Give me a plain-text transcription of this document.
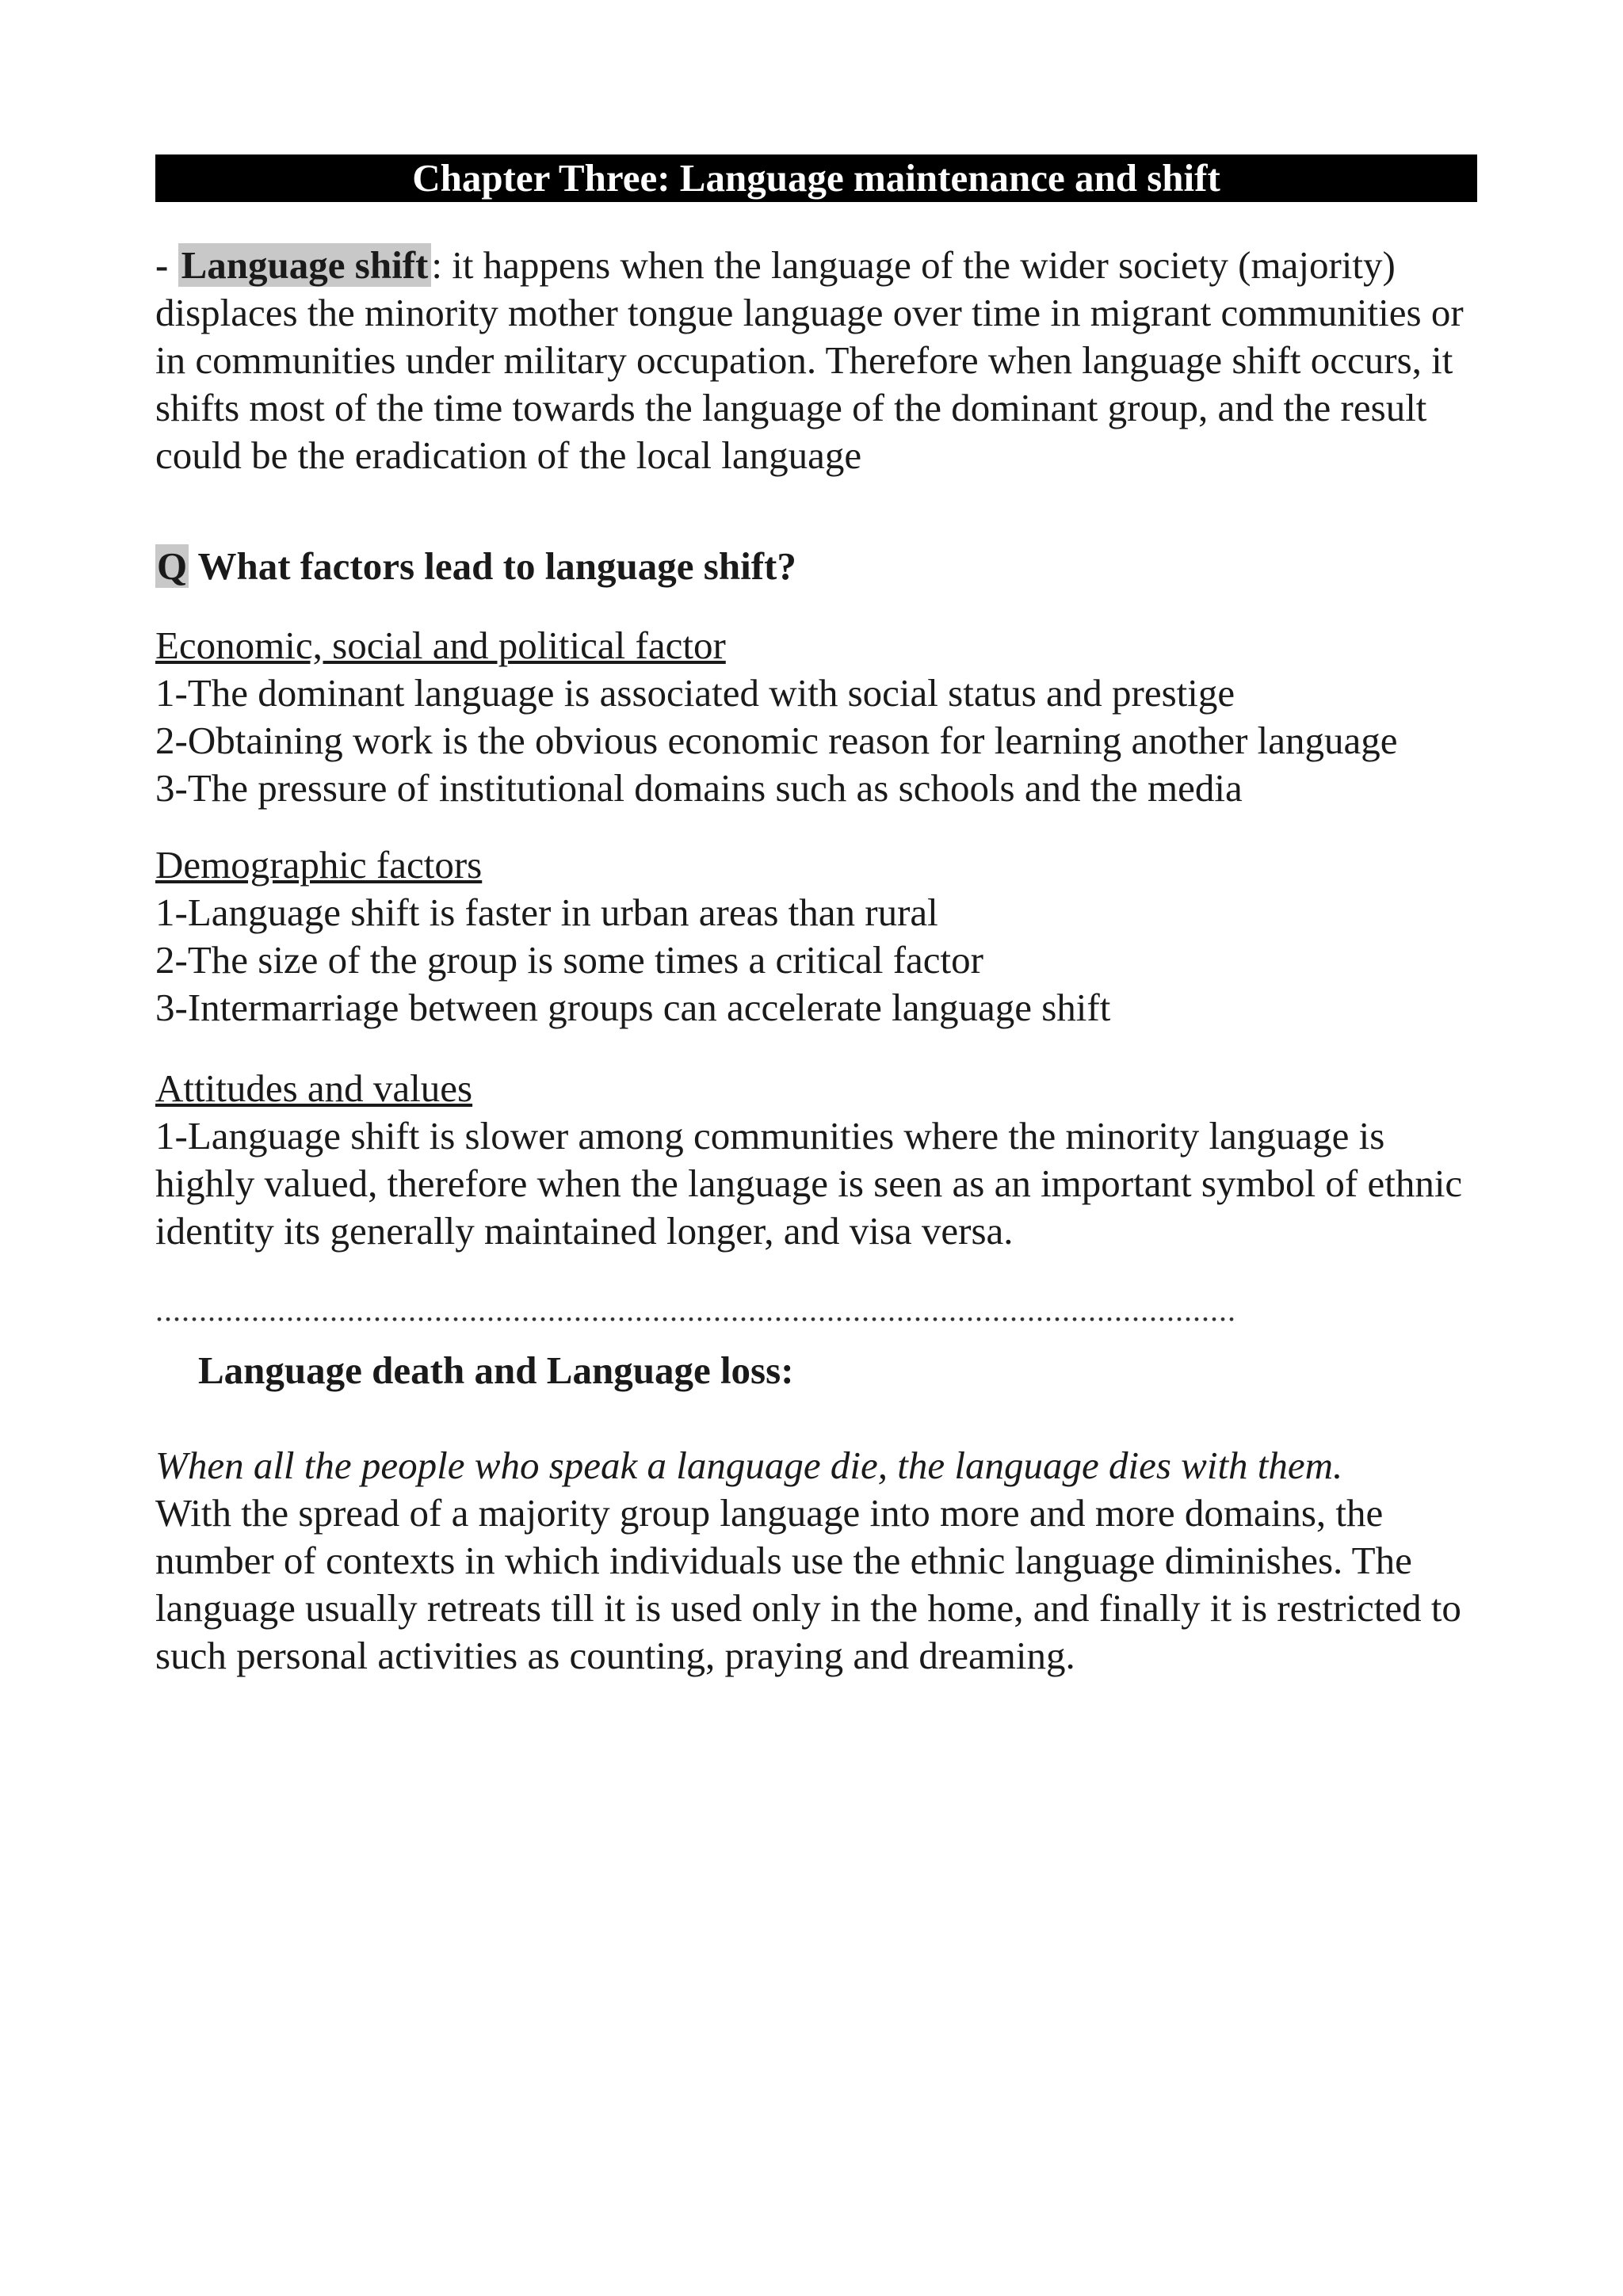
Chapter Three: Language maintenance and shift

- Language shift: it happens when the language of the wider society (majority) displaces the minority mother tongue language over time in migrant communities or in communities under military occupation. Therefore when language shift occurs, it shifts most of the time towards the language of the dominant group, and the result could be the eradication of the local language

Q What factors lead to language shift?

Economic, social and political factor

1-The dominant language is associated with social status and prestige

2-Obtaining work is the obvious economic reason for learning another language

3-The pressure of institutional domains such as schools and the media

Demographic factors

1-Language shift is faster in urban areas than rural

2-The size of the group is some times a critical factor

3-Intermarriage between groups can accelerate language shift

Attitudes and values

1-Language shift is slower among communities where the minority language is highly valued, therefore when the language is seen as an important symbol of ethnic identity its generally maintained longer, and visa versa.

............................................................................................................................

Language death and Language loss:

When all the people who speak a language die, the language dies with them.

With the spread of a majority group language into more and more domains, the number of contexts in which individuals use the ethnic language diminishes. The language usually retreats till it is used only in the home, and finally it is restricted to such personal activities as counting, praying and dreaming.
